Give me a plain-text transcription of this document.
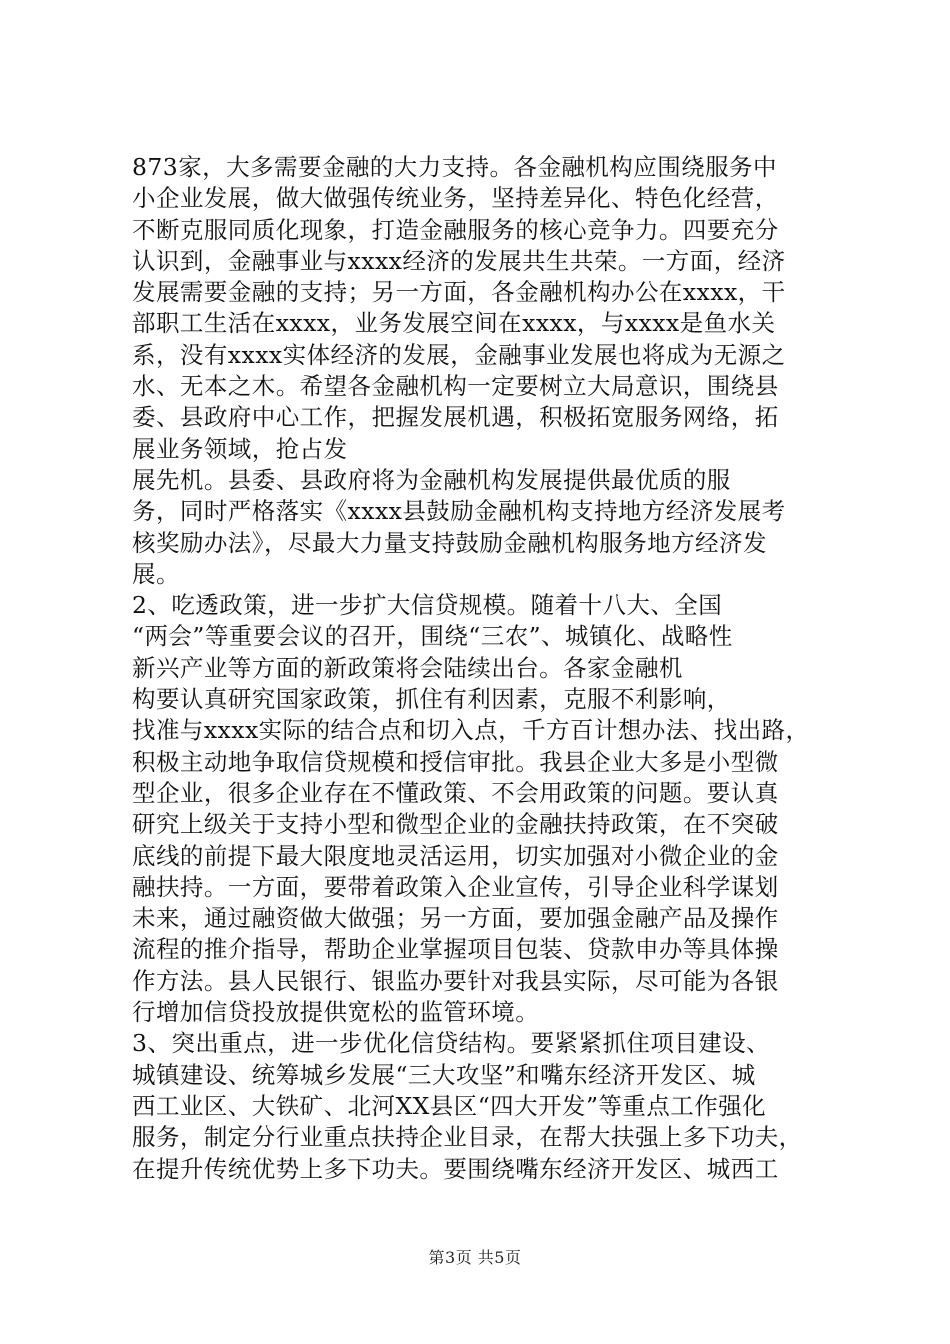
873家，大多需要金融的大力支持。各金融机构应围绕服务中
小企业发展，做大做强传统业务，坚持差异化、特色化经营，
不断克服同质化现象，打造金融服务的核心竞争力。四要充分
认识到，金融事业与xxxx经济的发展共生共荣。一方面，经济
发展需要金融的支持；另一方面，各金融机构办公在xxxx，干
部职工生活在xxxx，业务发展空间在xxxx，与xxxx是鱼水关
系，没有xxxx实体经济的发展，金融事业发展也将成为无源之
水、无本之木。希望各金融机构一定要树立大局意识，围绕县
委、县政府中心工作，把握发展机遇，积极拓宽服务网络，拓
展业务领域，抢占发
展先机。县委、县政府将为金融机构发展提供最优质的服
务，同时严格落实《xxxx县鼓励金融机构支持地方经济发展考
核奖励办法》，尽最大力量支持鼓励金融机构服务地方经济发
展。
2、吃透政策，进一步扩大信贷规模。随着十八大、全国
“两会”等重要会议的召开，围绕“三农”、城镇化、战略性
新兴产业等方面的新政策将会陆续出台。各家金融机
构要认真研究国家政策，抓住有利因素，克服不利影响，
找准与xxxx实际的结合点和切入点，千方百计想办法、找出路，
积极主动地争取信贷规模和授信审批。我县企业大多是小型微
型企业，很多企业存在不懂政策、不会用政策的问题。要认真
研究上级关于支持小型和微型企业的金融扶持政策，在不突破
底线的前提下最大限度地灵活运用，切实加强对小微企业的金
融扶持。一方面，要带着政策入企业宣传，引导企业科学谋划
未来，通过融资做大做强；另一方面，要加强金融产品及操作
流程的推介指导，帮助企业掌握项目包装、贷款申办等具体操
作方法。县人民银行、银监办要针对我县实际，尽可能为各银
行增加信贷投放提供宽松的监管环境。
3、突出重点，进一步优化信贷结构。要紧紧抓住项目建设、
城镇建设、统筹城乡发展“三大攻坚”和嘴东经济开发区、城
西工业区、大铁矿、北河XX县区“四大开发”等重点工作强化
服务，制定分行业重点扶持企业目录，在帮大扶强上多下功夫，
在提升传统优势上多下功夫。要围绕嘴东经济开发区、城西工
第3页 共5页
